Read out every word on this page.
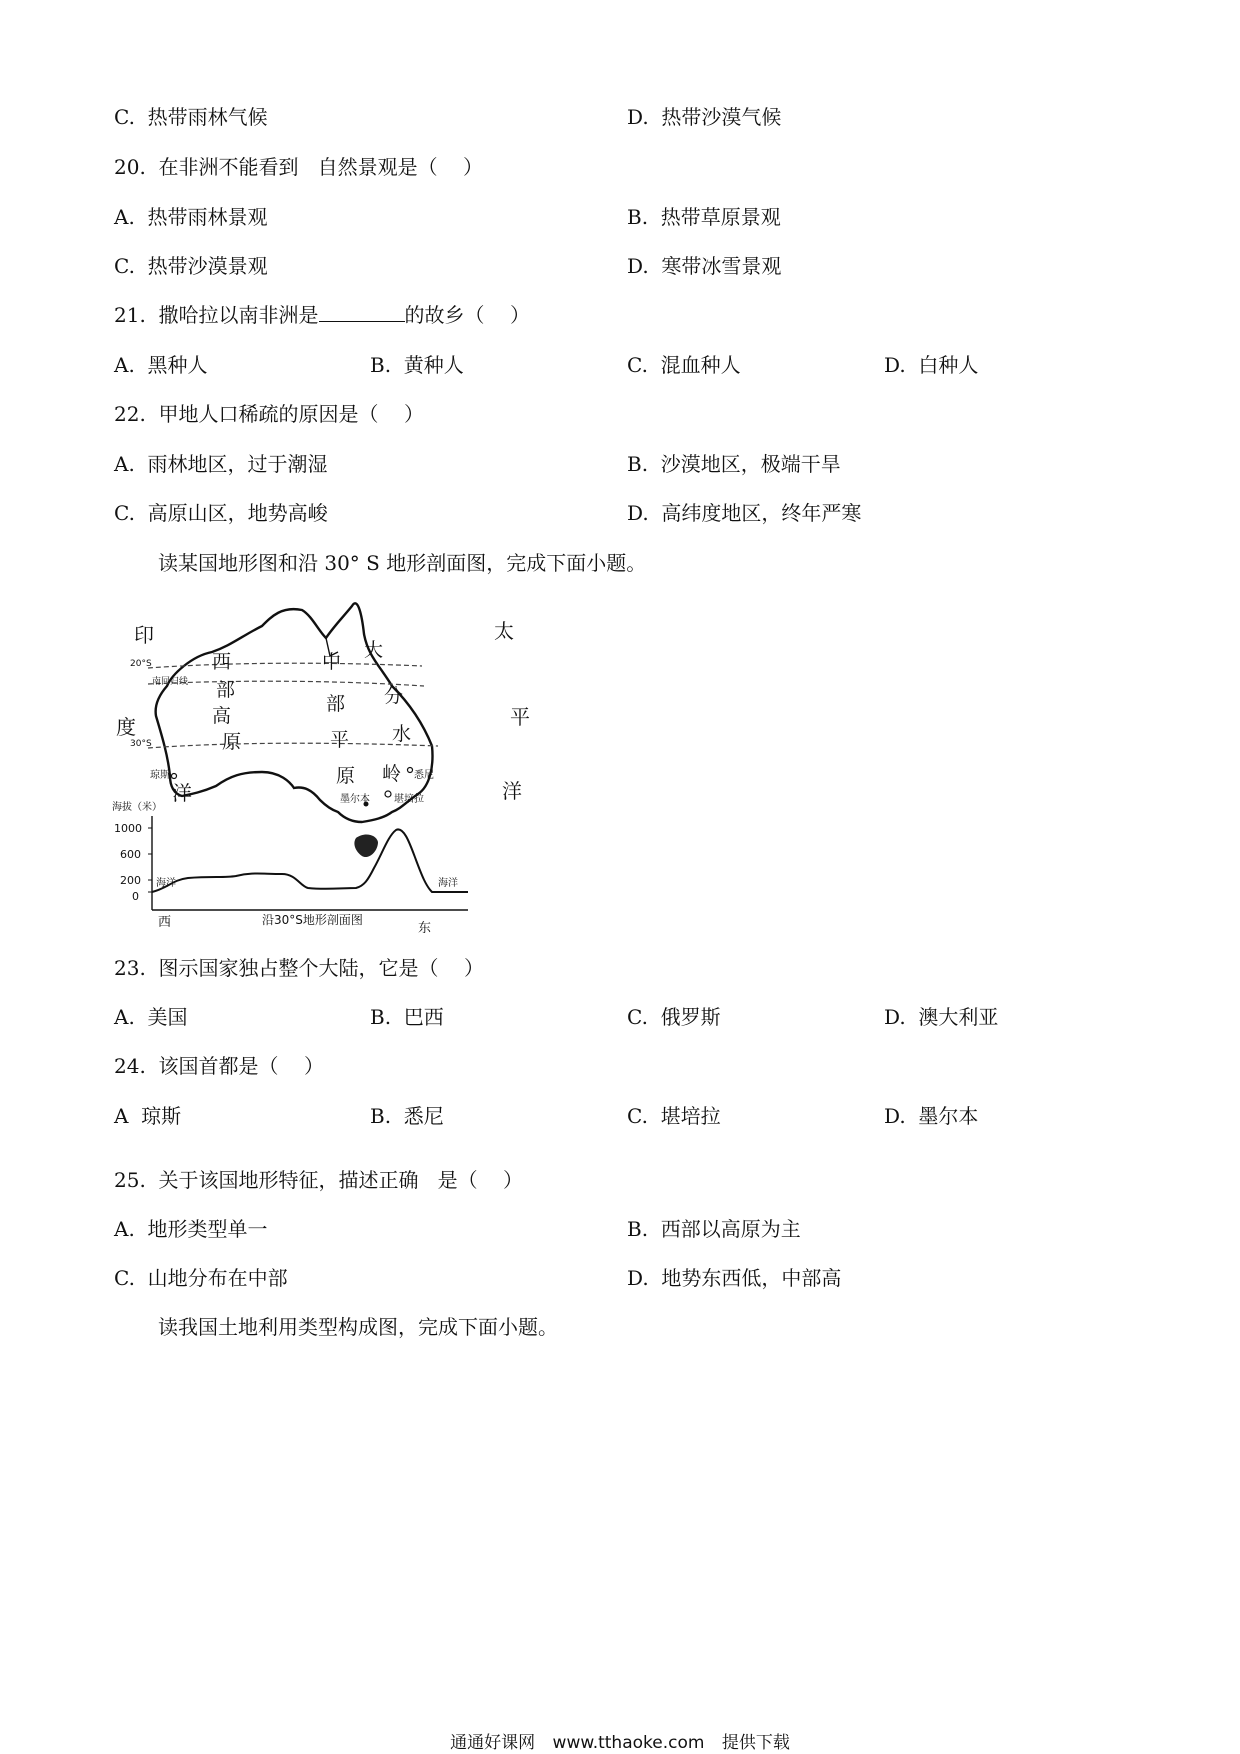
C.  热带雨林气候	D.  热带沙漠气候
20.  在非洲不能看到   自然景观是（    ）
A.  热带雨林景观	B.  热带草原景观
C.  热带沙漠景观	D.  寒带冰雪景观
21.  撒哈拉以南非洲是	的故乡（    ）
A.  黑种人	B.  黄种人	C.  混血种人	D.  白种人
22.  甲地人口稀疏的原因是（    ）
A.  雨林地区，过于潮湿	B.  沙漠地区，极端干旱
C.  高原山区，地势高峻	D.  高纬度地区，终年严寒
读某国地形图和沿 30° S 地形剖面图，完成下面小题。
20°S
南回归线
30°S
印
度
洋
太
平
洋
西
部
高
原
中
部
平
原
大
分
水
岭
琼斯	悉尼
堪培拉
墨尔本
海拔（米）
1000
600
200
0
海洋	海洋
西	东
沿30°S地形剖面图
23.  图示国家独占整个大陆，它是（    ）
A.  美国	B.  巴西	C.  俄罗斯	D.  澳大利亚
24.  该国首都是（    ）
A  琼斯	B.  悉尼	C.  堪培拉	D.  墨尔本
25.  关于该国地形特征，描述正确   是（    ）
A.  地形类型单一	B.  西部以高原为主
C.  山地分布在中部	D.  地势东西低，中部高
读我国土地利用类型构成图，完成下面小题。
通通好课网 www.tthaoke.com 提供下载
